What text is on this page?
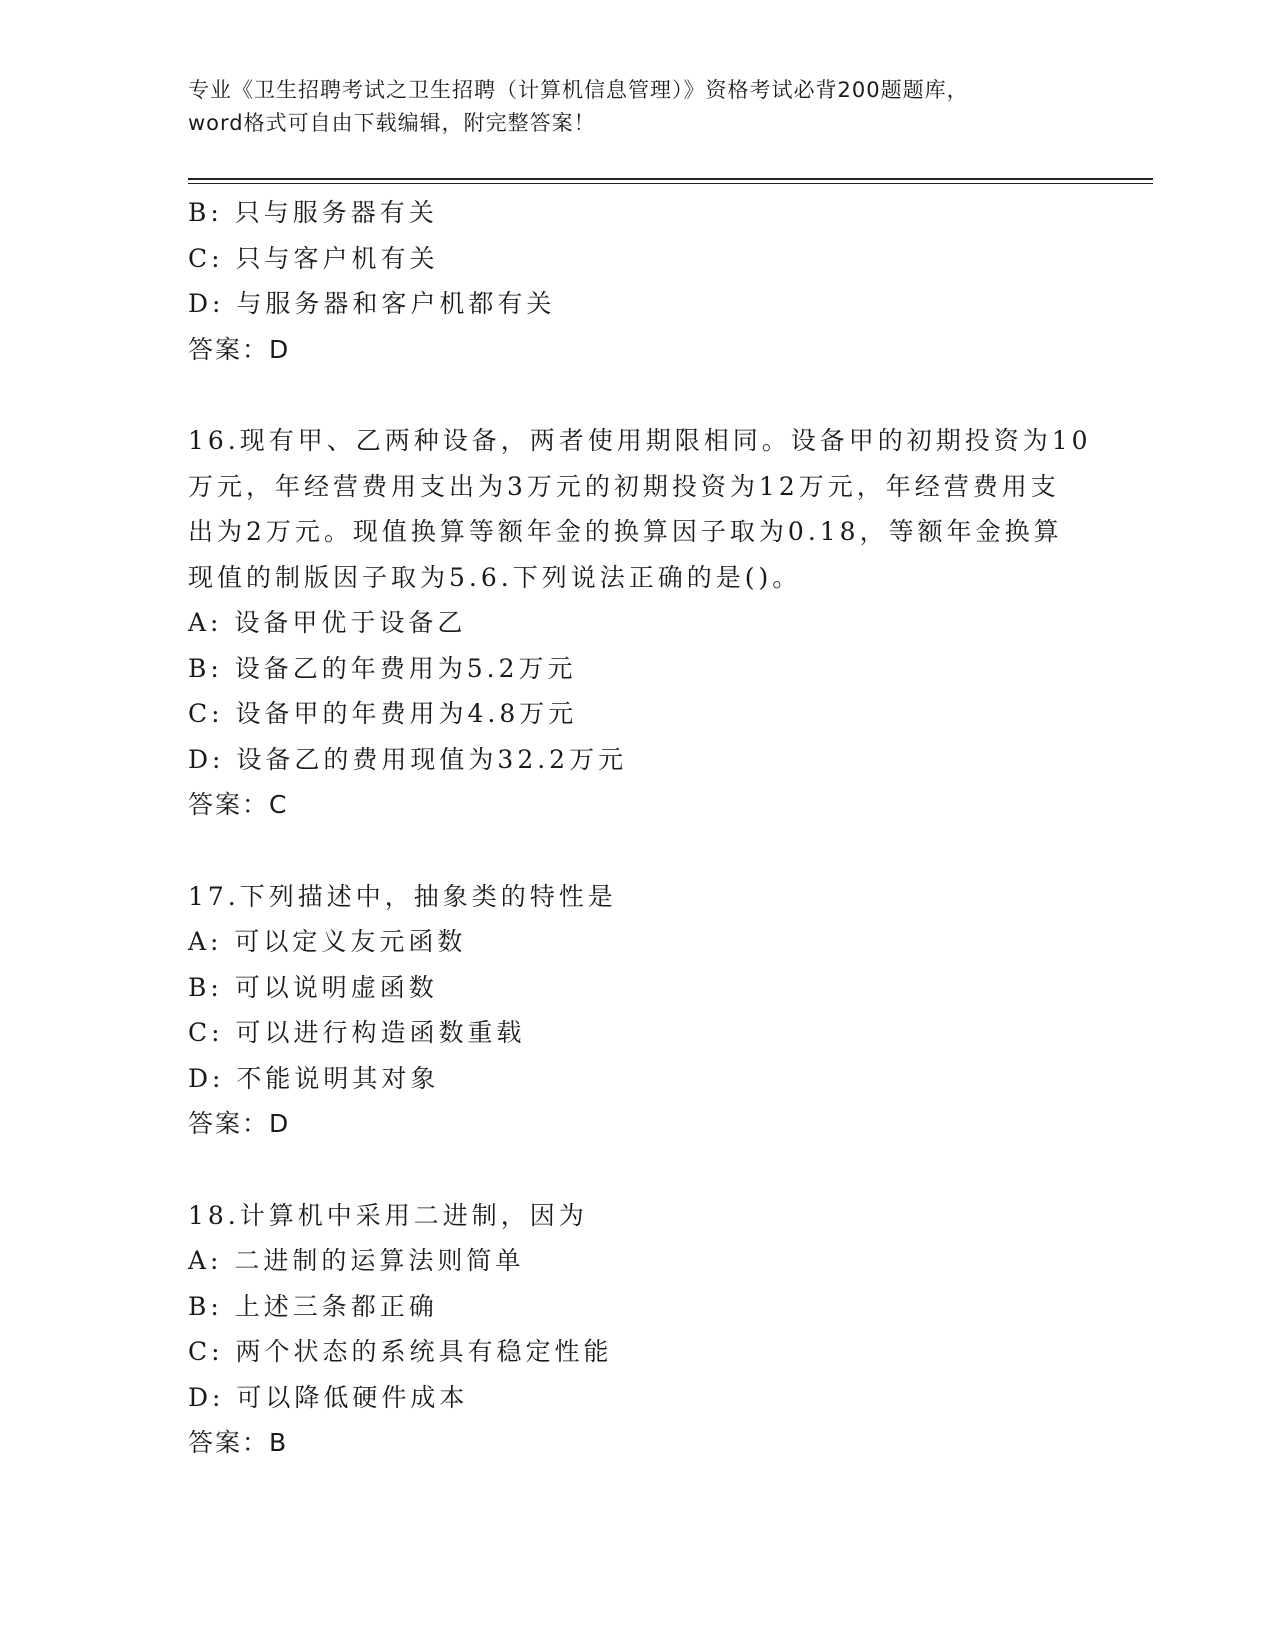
专业《卫生招聘考试之卫生招聘（计算机信息管理）》资格考试必背200题题库，
word格式可自由下载编辑，附完整答案！
B: 只与服务器有关
C: 只与客户机有关
D: 与服务器和客户机都有关
答案：D
16.现有甲、乙两种设备，两者使用期限相同。设备甲的初期投资为10
万元，年经营费用支出为3万元的初期投资为12万元，年经营费用支
出为2万元。现值换算等额年金的换算因子取为0.18，等额年金换算
现值的制版因子取为5.6.下列说法正确的是()。
A: 设备甲优于设备乙
B: 设备乙的年费用为5.2万元
C: 设备甲的年费用为4.8万元
D: 设备乙的费用现值为32.2万元
答案：C
17.下列描述中，抽象类的特性是
A: 可以定义友元函数
B: 可以说明虚函数
C: 可以进行构造函数重载
D: 不能说明其对象
答案：D
18.计算机中采用二进制，因为
A: 二进制的运算法则简单
B: 上述三条都正确
C: 两个状态的系统具有稳定性能
D: 可以降低硬件成本
答案：B
